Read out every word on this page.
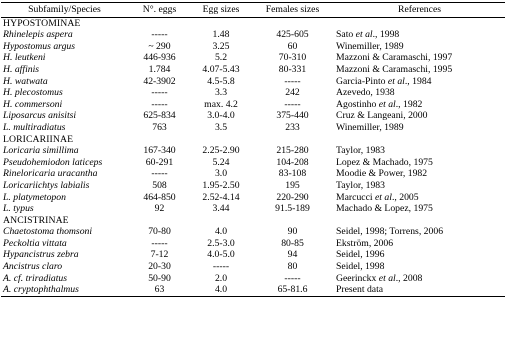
Subfamily/Species	N°. eggs	Egg sizes	Females sizes	References
HYPOSTOMINAE				
Rhinelepis aspera	-----	1.48	425-605	Sato et al., 1998
Hypostomus argus	~ 290	3.25	60	Winemiller, 1989
H. leutkeni	446-936	5.2	70-310	Mazzoni & Caramaschi, 1997
H. affinis	1.784	4.07-5.43	80-331	Mazzoni & Caramaschi, 1995
H. watwata	42-3902	4.5-5.8	-----	Garcia-Pinto et al., 1984
H. plecostomus	-----	3.3	242	Azevedo, 1938
H. commersoni	-----	max. 4.2	-----	Agostinho et al., 1982
Liposarcus anisitsi	625-834	3.0-4.0	375-440	Cruz & Langeani, 2000
L. multiradiatus	763	3.5	233	Winemiller, 1989
LORICARIINAE				
Loricaria simillima	167-340	2.25-2.90	215-280	Taylor, 1983
Pseudohemiodon laticeps	60-291	5.24	104-208	Lopez & Machado, 1975
Rineloricaria uracantha	-----	3.0	83-108	Moodie & Power, 1982
Loricariichtys labialis	508	1.95-2.50	195	Taylor, 1983
L. platymetopon	464-850	2.52-4.14	220-290	Marcucci et al., 2005
L. typus	92	3.44	91.5-189	Machado & Lopez, 1975
ANCISTRINAE				
Chaetostoma thomsoni	70-80	4.0	90	Seidel, 1998; Torrens, 2006
Peckoltia vittata	-----	2.5-3.0	80-85	Ekström, 2006
Hypancistrus zebra	7-12	4.0-5.0	94	Seidel, 1996
Ancistrus claro	20-30	-----	80	Seidel, 1998
A. cf. triradiatus	50-90	2.0	-----	Geerinckx et al., 2008
A. cryptophthalmus	63	4.0	65-81.6	Present data
